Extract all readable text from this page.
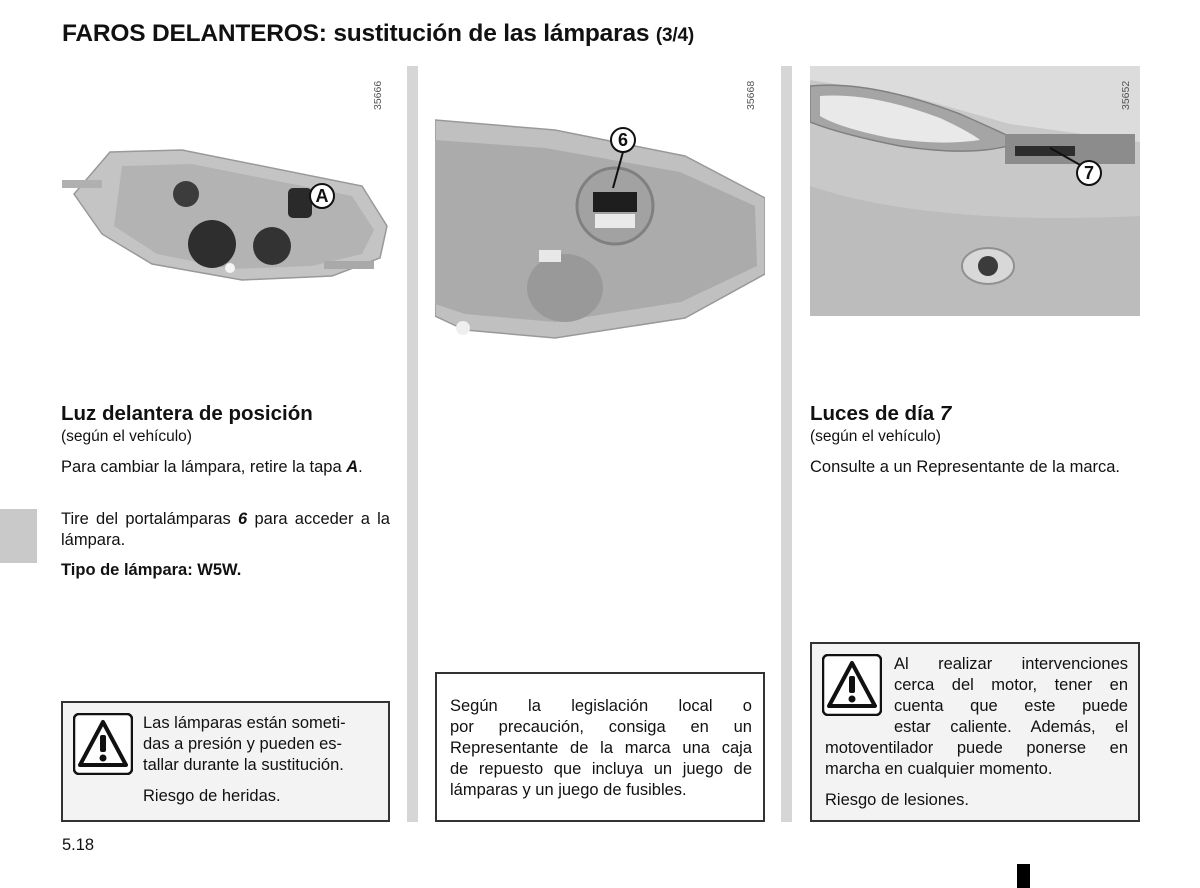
FAROS DELANTEROS: sustitución de las lámparas (3/4)
35666
A
35668
6
35652
7
Luz delantera de posición
(según el vehículo)
Para cambiar la lámpara, retire la tapa A.
Tire del portalámparas 6 para acceder a la lámpara.
Tipo de lámpara: W5W.
Las lámparas están someti-
das a presión y pueden es-
tallar durante la sustitución.
Riesgo de heridas.
Según la legislación local o
por precaución, consiga en un
Representante de la marca una caja
de repuesto que incluya un juego de
lámparas y un juego de fusibles.
Luces de día 7
(según el vehículo)
Consulte a un Representante de la marca.
Al realizar intervenciones
cerca del motor, tener en
cuenta que este puede
estar caliente. Además, el
motoventilador puede ponerse en
marcha en cualquier momento.
Riesgo de lesiones.
5.18
